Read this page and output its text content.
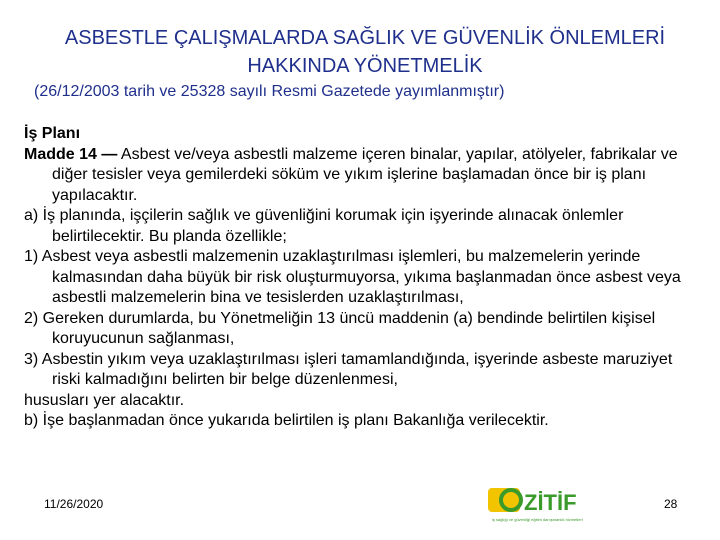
ASBESTLE ÇALIŞMALARDA SAĞLIK VE GÜVENLİK ÖNLEMLERİ HAKKINDA YÖNETMELİK
(26/12/2003 tarih ve 25328 sayılı Resmi Gazetede yayımlanmıştır)

İş Planı

Madde 14 — Asbest ve/veya asbestli malzeme içeren binalar, yapılar, atölyeler, fabrikalar ve diğer tesisler veya gemilerdeki söküm ve yıkım işlerine başlamadan önce bir iş planı yapılacaktır.

a) İş planında, işçilerin sağlık ve güvenliğini korumak için işyerinde alınacak önlemler belirtilecektir. Bu planda özellikle;

1) Asbest veya asbestli malzemenin uzaklaştırılması işlemleri, bu malzemelerin yerinde kalmasından daha büyük bir risk oluşturmuyorsa, yıkıma başlanmadan önce asbest veya asbestli malzemelerin bina ve tesislerden uzaklaştırılması,

2) Gereken durumlarda, bu Yönetmeliğin 13 üncü maddenin (a) bendinde belirtilen kişisel koruyucunun sağlanması,

3) Asbestin yıkım veya uzaklaştırılması işleri tamamlandığında, işyerinde asbeste maruziyet riski kalmadığını belirten bir belge düzenlenmesi,

hususları yer alacaktır.

b) İşe başlanmadan önce yukarıda belirtilen iş planı Bakanlığa verilecektir.

11/26/2020	ZİTİF
iş sağlığı ve güvenliği eğitim danışmanlık hizmetleri
28
